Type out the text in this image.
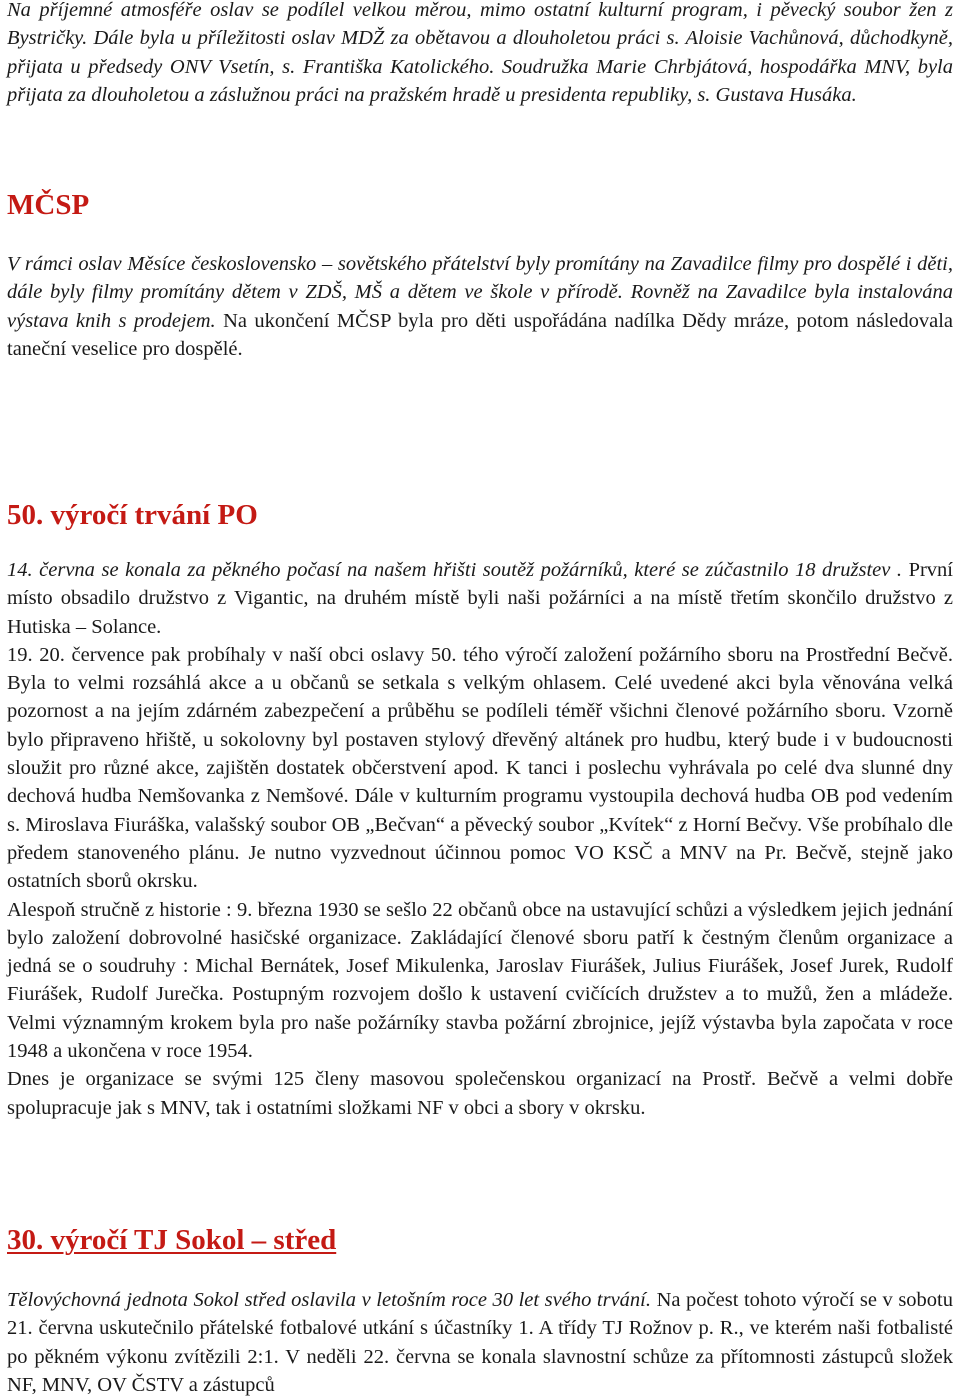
Na příjemné atmosféře oslav se podílel velkou měrou, mimo ostatní kulturní program, i pěvecký soubor žen z Bystričky. Dále byla u příležitosti oslav MDŽ za obětavou a dlouholetou práci s. Aloisie Vachůnová, důchodkyně, přijata u předsedy ONV Vsetín, s. Františka Katolického. Soudružka Marie Chrbjátová, hospodářka MNV, byla přijata za dlouholetou a záslužnou práci na pražském hradě u presidenta republiky, s. Gustava Husáka.

MČSP

V rámci oslav Měsíce československo – sovětského přátelství byly promítány na Zavadilce filmy pro dospělé i děti, dále byly filmy promítány dětem v ZDŠ, MŠ a dětem ve škole v přírodě. Rovněž na Zavadilce byla instalována výstava knih s prodejem. Na ukončení MČSP byla pro děti uspořádána nadílka Dědy mráze, potom následovala taneční veselice pro dospělé.

50. výročí trvání PO

14. června se konala za pěkného počasí na našem hřišti soutěž požárníků, které se zúčastnilo 18 družstev . První místo obsadilo družstvo z Vigantic, na druhém místě byli naši požárníci a na místě třetím skončilo družstvo z Hutiska – Solance.

19. 20. července pak probíhaly v naší obci oslavy 50. tého výročí založení požárního sboru na Prostřední Bečvě. Byla to velmi rozsáhlá akce a u občanů se setkala s velkým ohlasem. Celé uvedené akci byla věnována velká pozornost a na jejím zdárném zabezpečení a průběhu se podíleli téměř všichni členové požárního sboru. Vzorně bylo připraveno hřiště, u sokolovny byl postaven stylový dřevěný altánek pro hudbu, který bude i v budoucnosti sloužit pro různé akce, zajištěn dostatek občerstvení apod. K tanci i poslechu vyhrávala po celé dva slunné dny dechová hudba Nemšovanka z Nemšové. Dále v kulturním programu vystoupila dechová hudba OB pod vedením s. Miroslava Fiuráška, valašský soubor OB „Bečvan“ a pěvecký soubor „Kvítek“ z Horní Bečvy. Vše probíhalo dle předem stanoveného plánu. Je nutno vyzvednout účinnou pomoc VO KSČ a MNV na Pr. Bečvě, stejně jako ostatních sborů okrsku.

Alespoň stručně z historie : 9. března 1930 se sešlo 22 občanů obce na ustavující schůzi a výsledkem jejich jednání bylo založení dobrovolné hasičské organizace. Zakládající členové sboru patří k čestným členům organizace a jedná se o soudruhy : Michal Bernátek, Josef Mikulenka, Jaroslav Fiurášek, Julius Fiurášek, Josef Jurek, Rudolf Fiurášek, Rudolf Jurečka. Postupným rozvojem došlo k ustavení cvičících družstev a to mužů, žen a mládeže. Velmi významným krokem byla pro naše požárníky stavba požární zbrojnice, jejíž výstavba byla započata v roce 1948 a ukončena v roce 1954.

Dnes je organizace se svými 125 členy masovou společenskou organizací na Prostř. Bečvě a velmi dobře spolupracuje jak s MNV, tak i ostatními složkami NF v obci a sbory v okrsku.

30. výročí TJ Sokol – střed

Tělovýchovná jednota Sokol střed oslavila v letošním roce 30 let svého trvání. Na počest tohoto výročí se v sobotu 21. června uskutečnilo přátelské fotbalové utkání s účastníky 1. A třídy TJ Rožnov p. R., ve kterém naši fotbalisté po pěkném výkonu zvítězili 2:1. V neděli 22. června se konala slavnostní schůze za přítomnosti zástupců složek NF, MNV, OV ČSTV a zástupců
